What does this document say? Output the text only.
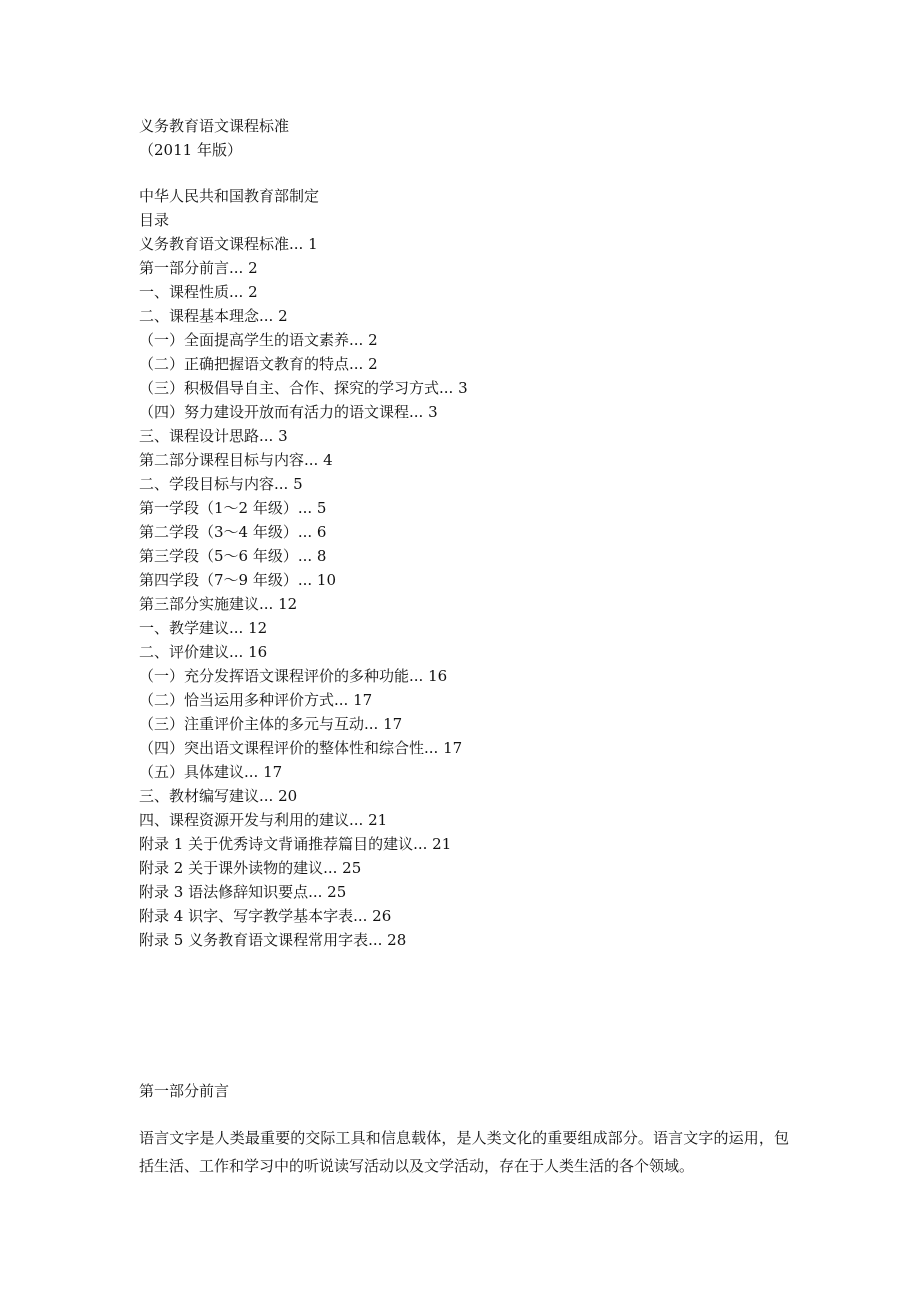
义务教育语文课程标准
（2011 年版）
中华人民共和国教育部制定
目录
义务教育语文课程标准... 1
第一部分前言... 2
一、课程性质... 2
二、课程基本理念... 2
（一）全面提高学生的语文素养... 2
（二）正确把握语文教育的特点... 2
（三）积极倡导自主、合作、探究的学习方式... 3
（四）努力建设开放而有活力的语文课程... 3
三、课程设计思路... 3
第二部分课程目标与内容... 4
二、学段目标与内容... 5
第一学段（1～2 年级）... 5
第二学段（3～4 年级）... 6
第三学段（5～6 年级）... 8
第四学段（7～9 年级）... 10
第三部分实施建议... 12
一、教学建议... 12
二、评价建议... 16
（一）充分发挥语文课程评价的多种功能... 16
（二）恰当运用多种评价方式... 17
（三）注重评价主体的多元与互动... 17
（四）突出语文课程评价的整体性和综合性... 17
（五）具体建议... 17
三、教材编写建议... 20
四、课程资源开发与利用的建议... 21
附录 1 关于优秀诗文背诵推荐篇目的建议... 21
附录 2 关于课外读物的建议... 25
附录 3 语法修辞知识要点... 25
附录 4 识字、写字教学基本字表... 26
附录 5 义务教育语文课程常用字表... 28
第一部分前言
语言文字是人类最重要的交际工具和信息载体，是人类文化的重要组成部分。语言文字的运用，包括生活、工作和学习中的听说读写活动以及文学活动，存在于人类生活的各个领域。
